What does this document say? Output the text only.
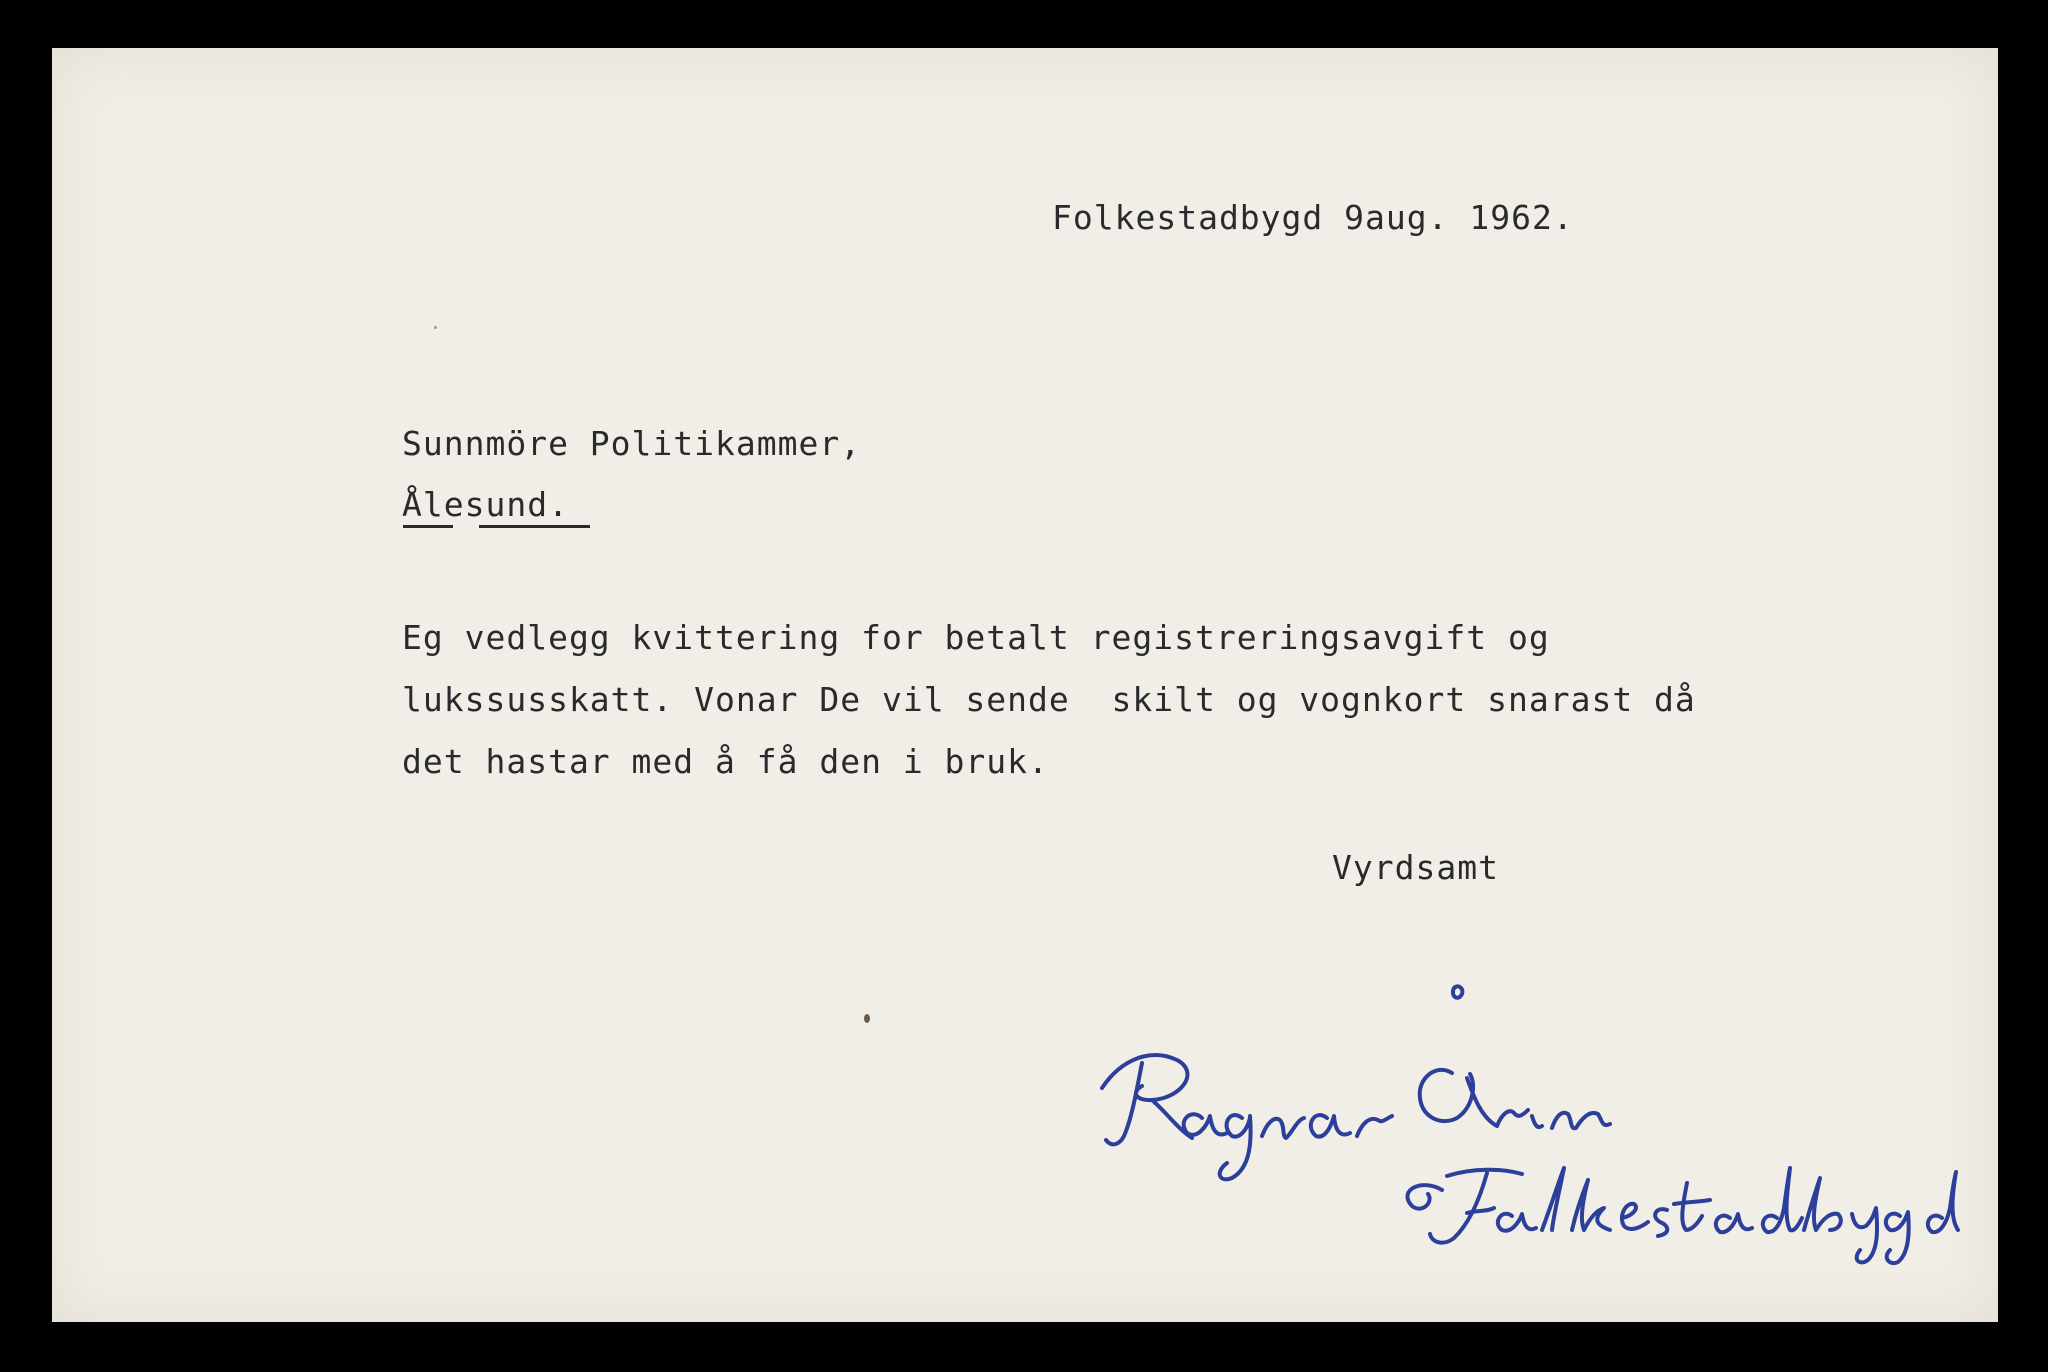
Folkestadbygd 9aug. 1962.
Sunnmöre Politikammer,
Ålesund.
Eg vedlegg kvittering for betalt registreringsavgift og
lukssusskatt. Vonar De vil sende  skilt og vognkort snarast då
det hastar med å få den i bruk.
Vyrdsamt
